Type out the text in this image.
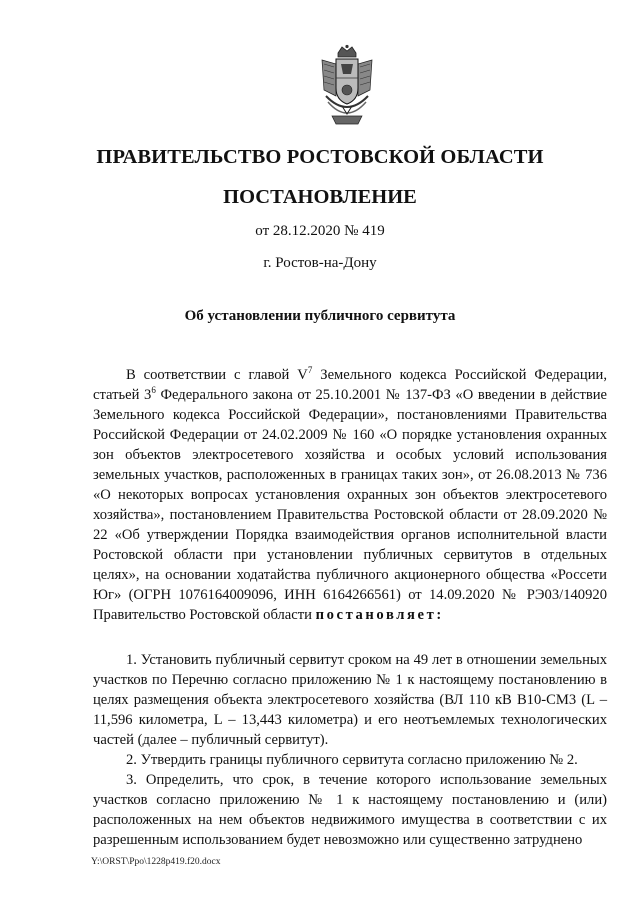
ПРАВИТЕЛЬСТВО РОСТОВСКОЙ ОБЛАСТИ
ПОСТАНОВЛЕНИЕ
от 28.12.2020 № 419
г. Ростов-на-Дону
Об установлении публичного сервитута

В соответствии с главой $V^7$ Земельного кодекса Российской Федерации, статьей $3^6$ Федерального закона от 25.10.2001 № 137-ФЗ «О введении в действие Земельного кодекса Российской Федерации», постановлениями Правительства Российской Федерации от 24.02.2009 № 160 «О порядке установления охранных зон объектов электросетевого хозяйства и особых условий использования земельных участков, расположенных в границах таких зон», от 26.08.2013 № 736 «О некоторых вопросах установления охранных зон объектов электросетевого хозяйства», постановлением Правительства Ростовской области от 28.09.2020 № 22 «Об утверждении Порядка взаимодействия органов исполнительной власти Ростовской области при установлении публичных сервитутов в отдельных целях», на основании ходатайства публичного акционерного общества «Россети Юг» (ОГРН 1076164009096, ИНН 6164266561) от 14.09.2020 № РЭ03/140920 Правительство Ростовской области постановляет:

1. Установить публичный сервитут сроком на 49 лет в отношении земельных участков по Перечню согласно приложению № 1 к настоящему постановлению в целях размещения объекта электросетевого хозяйства (ВЛ 110 кВ В10-СМ3 (L – 11,596 километра, L – 13,443 километра) и его неотъемлемых технологических частей (далее – публичный сервитут).

2. Утвердить границы публичного сервитута согласно приложению № 2.

3. Определить, что срок, в течение которого использование земельных участков согласно приложению № 1 к настоящему постановлению и (или) расположенных на нем объектов недвижимого имущества в соответствии с их разрешенным использованием будет невозможно или существенно затруднено

Y:\ORST\Ppo\1228p419.f20.docx
